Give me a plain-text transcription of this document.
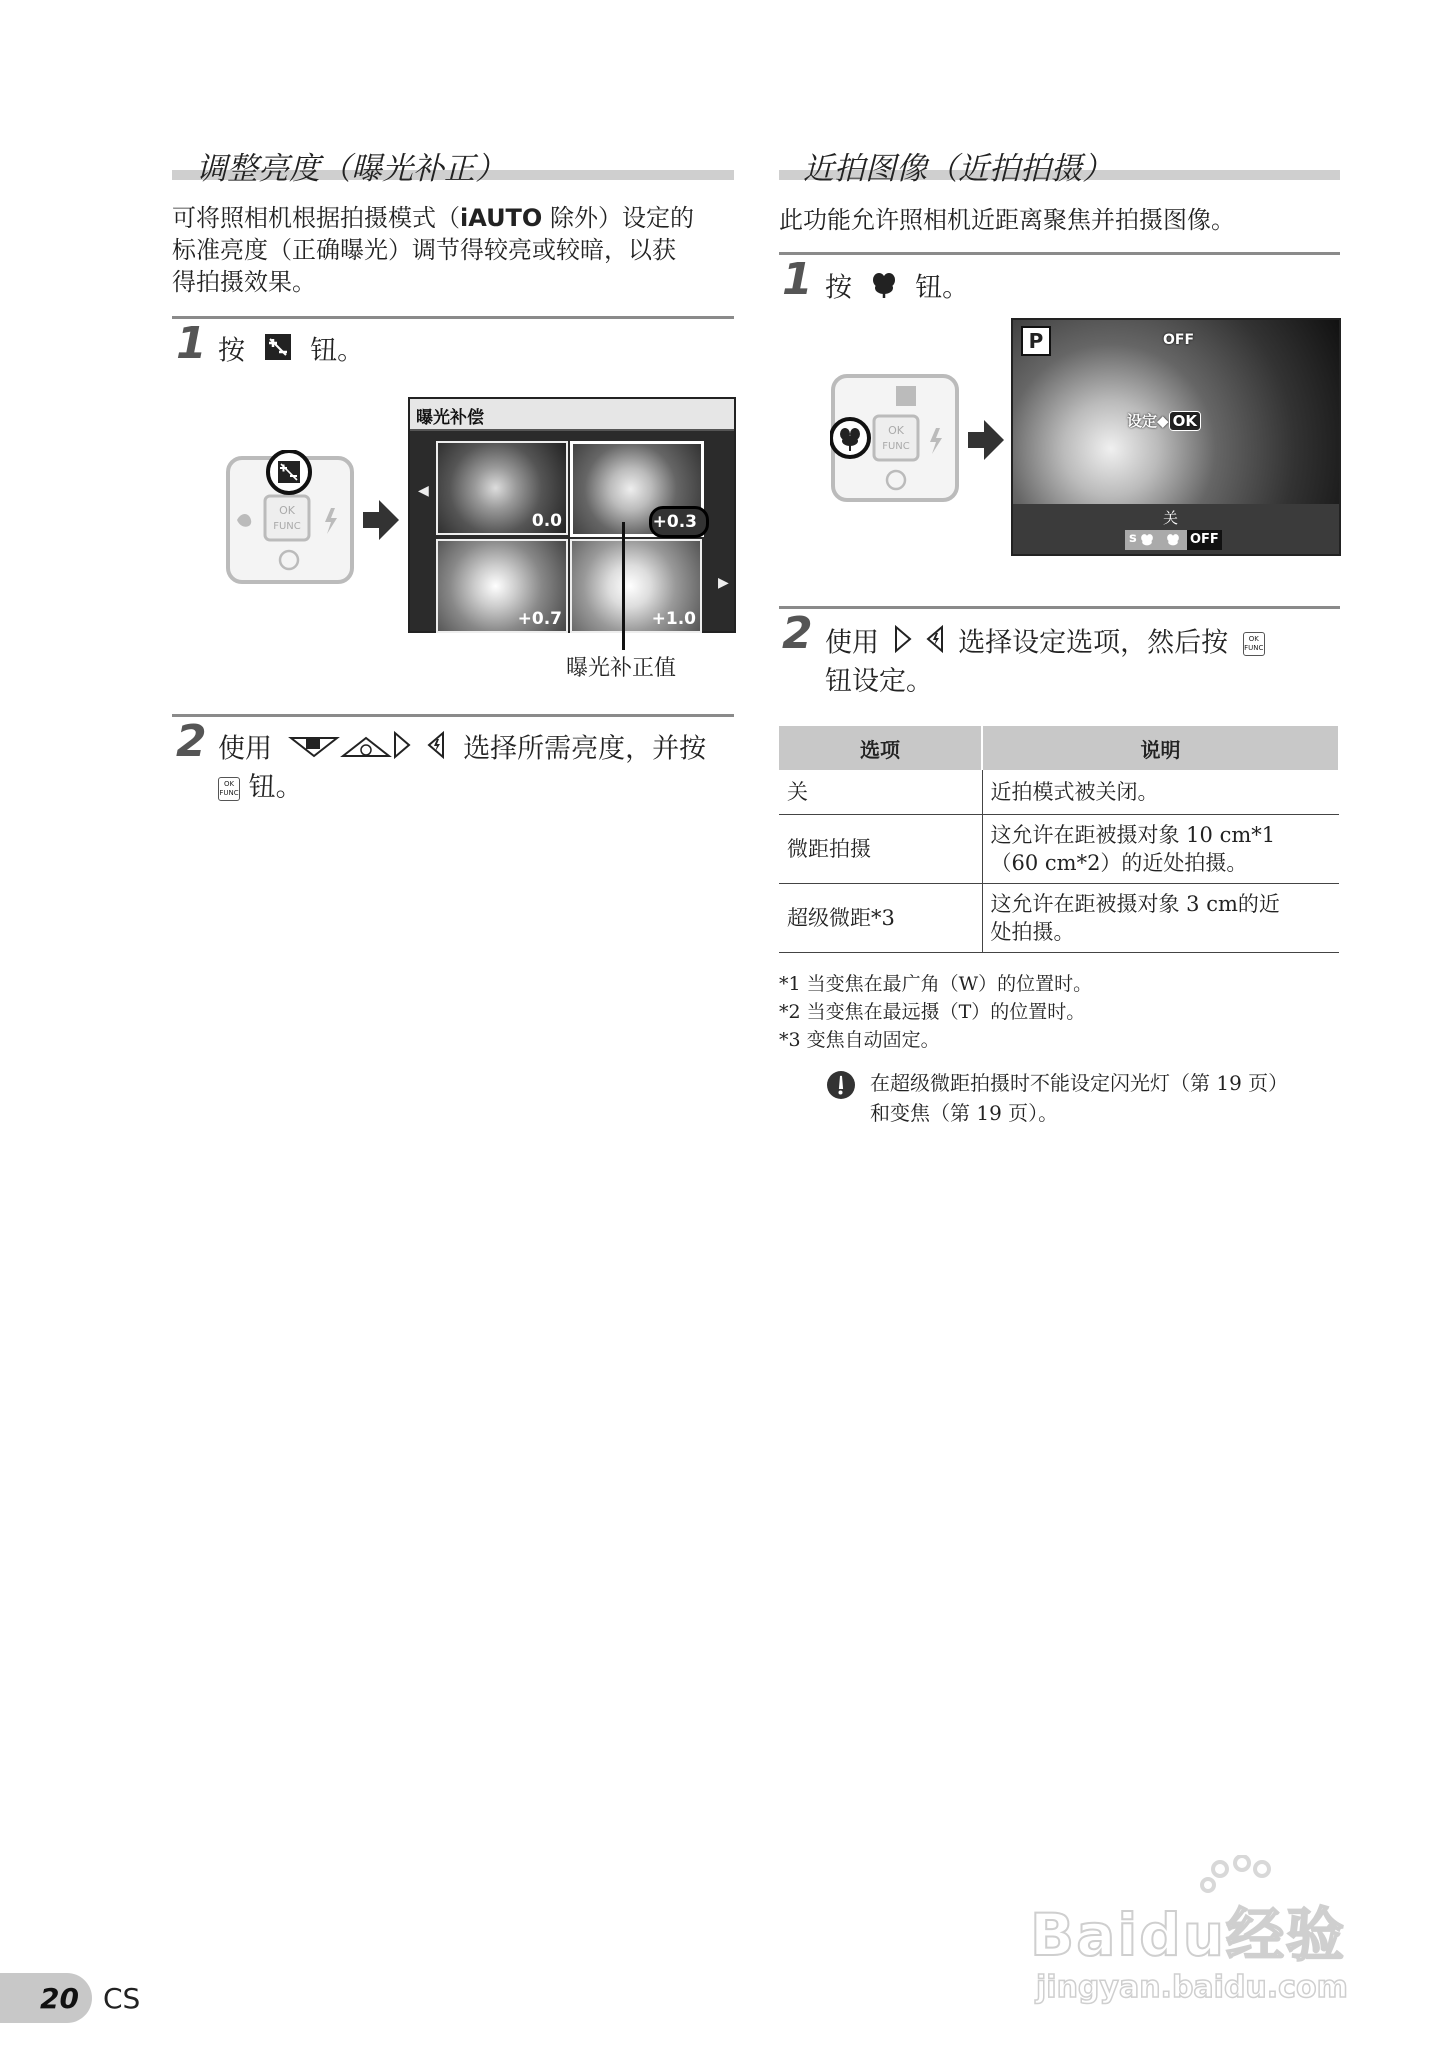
调整亮度（曝光补正）
可将照相机根据拍摄模式（iAUTO 除外）设定的
标准亮度（正确曝光）调节得较亮或较暗，以获
得拍摄效果。
1 按 钮。
OK
FUNC
曝光补偿
◀
▶
0.0	+0.3
+0.7	+1.0
曝光补正值
2 使用	选择所需亮度，并按
OK
FUNC 钮。
近拍图像（近拍拍摄）
此功能允许照相机近距离聚焦并拍摄图像。
1 按 钮。
OK
FUNC
P	OFF
设定◆ OK
关
s	OFF
2 使用	选择设定选项，然后按	OK
FUNC
钮设定。
选项	说明
关	近拍模式被关闭。

微距拍摄	这允许在距被摄对象 10 cm*1
（60 cm*2）的近处拍摄。

超级微距*3	这允许在距被摄对象 3 cm的近
处拍摄。
*1 当变焦在最广角（W）的位置时。
*2 当变焦在最远摄（T）的位置时。
*3 变焦自动固定。
在超级微距拍摄时不能设定闪光灯（第 19 页）
和变焦（第 19 页）。
20 CS
Baidu经验
jingyan.baidu.com
